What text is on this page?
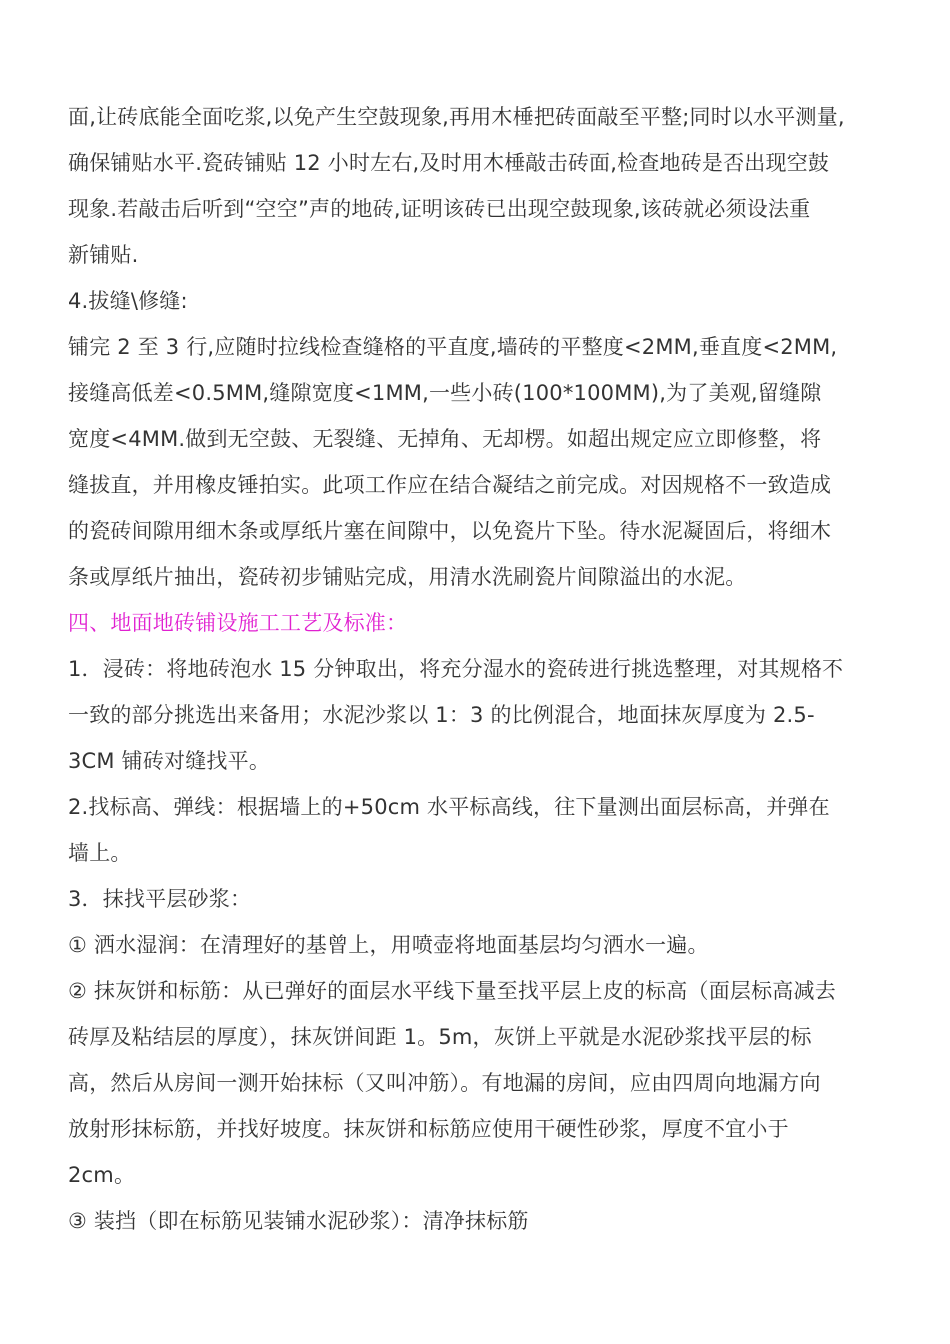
面,让砖底能全面吃浆,以免产生空鼓现象,再用木棰把砖面敲至平整;同时以水平测量,
确保铺贴水平.瓷砖铺贴 12 小时左右,及时用木棰敲击砖面,检查地砖是否出现空鼓
现象.若敲击后听到“空空”声的地砖,证明该砖已出现空鼓现象,该砖就必须设法重
新铺贴.

4.拔缝\修缝:

铺完 2 至 3 行,应随时拉线检查缝格的平直度,墙砖的平整度<2MM,垂直度<2MM,
接缝高低差<0.5MM,缝隙宽度<1MM,一些小砖(100*100MM),为了美观,留缝隙
宽度<4MM.做到无空鼓、无裂缝、无掉角、无却楞。如超出规定应立即修整，将
缝拔直，并用橡皮锤拍实。此项工作应在结合凝结之前完成。对因规格不一致造成
的瓷砖间隙用细木条或厚纸片塞在间隙中，以免瓷片下坠。待水泥凝固后，将细木
条或厚纸片抽出，瓷砖初步铺贴完成，用清水洗刷瓷片间隙溢出的水泥。

四、地面地砖铺设施工工艺及标准：

1．浸砖：将地砖泡水 15 分钟取出，将充分湿水的瓷砖进行挑选整理，对其规格不
一致的部分挑选出来备用；水泥沙浆以 1：3 的比例混合，地面抹灰厚度为 2.5-
3CM 铺砖对缝找平。

2.找标高、弹线：根据墙上的+50cm 水平标高线，往下量测出面层标高，并弹在
墙上。

3．抹找平层砂浆：

① 洒水湿润：在清理好的基曾上，用喷壶将地面基层均匀洒水一遍。

② 抹灰饼和标筋：从已弹好的面层水平线下量至找平层上皮的标高（面层标高减去
砖厚及粘结层的厚度），抹灰饼间距 1。5m，灰饼上平就是水泥砂浆找平层的标
高，然后从房间一测开始抹标（又叫冲筋）。有地漏的房间，应由四周向地漏方向
放射形抹标筋，并找好坡度。抹灰饼和标筋应使用干硬性砂浆，厚度不宜小于
2cm。

③ 装挡（即在标筋见装铺水泥砂浆）：清净抹标筋
